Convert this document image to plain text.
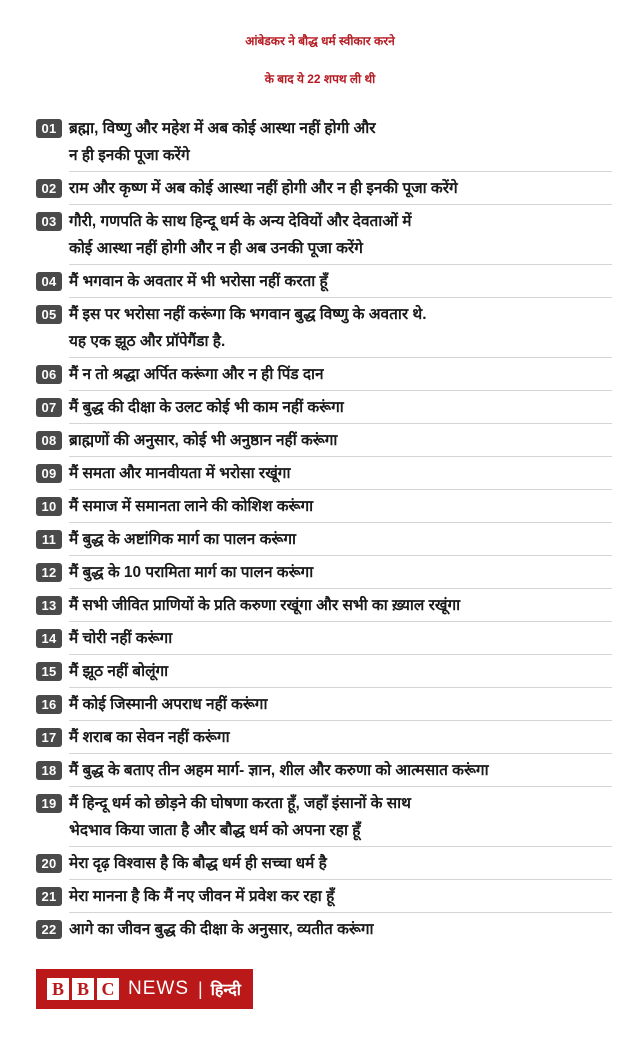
आंबेडकर ने बौद्ध धर्म स्वीकार करने
के बाद ये 22 शपथ ली थी
01 ब्रह्मा, विष्णु और महेश में अब कोई आस्था नहीं होगी और
न ही इनकी पूजा करेंगे
02 राम और कृष्ण में अब कोई आस्था नहीं होगी और न ही इनकी पूजा करेंगे
03 गौरी, गणपति के साथ हिन्दू धर्म के अन्य देवियों और देवताओं में
कोई आस्था नहीं होगी और न ही अब उनकी पूजा करेंगे
04 मैं भगवान के अवतार में भी भरोसा नहीं करता हूँ
05 मैं इस पर भरोसा नहीं करूंगा कि भगवान बुद्ध विष्णु के अवतार थे.
यह एक झूठ और प्रॉपेगैंडा है.
06 मैं न तो श्रद्धा अर्पित करूंगा और न ही पिंड दान
07 मैं बुद्ध की दीक्षा के उलट कोई भी काम नहीं करूंगा
08 ब्राह्मणों की अनुसार, कोई भी अनुष्ठान नहीं करूंगा
09 मैं समता और मानवीयता में भरोसा रखूंगा
10 मैं समाज में समानता लाने की कोशिश करूंगा
11 मैं बुद्ध के अष्टांगिक मार्ग का पालन करूंगा
12 मैं बुद्ध के 10 परामिता मार्ग का पालन करूंगा
13 मैं सभी जीवित प्राणियों के प्रति करुणा रखूंगा और सभी का ख़्याल रखूंगा
14 मैं चोरी नहीं करूंगा
15 मैं झूठ नहीं बोलूंगा
16 मैं कोई जिस्मानी अपराध नहीं करूंगा
17 मैं शराब का सेवन नहीं करूंगा
18 मैं बुद्ध के बताए तीन अहम मार्ग- ज्ञान, शील और करुणा को आत्मसात करूंगा
19 मैं हिन्दू धर्म को छोड़ने की घोषणा करता हूँ, जहाँ इंसानों के साथ
भेदभाव किया जाता है और बौद्ध धर्म को अपना रहा हूँ
20 मेरा दृढ़ विश्वास है कि बौद्ध धर्म ही सच्चा धर्म है
21 मेरा मानना है कि मैं नए जीवन में प्रवेश कर रहा हूँ
22 आगे का जीवन बुद्ध की दीक्षा के अनुसार, व्यतीत करूंगा
B B C NEWS | हिन्दी
